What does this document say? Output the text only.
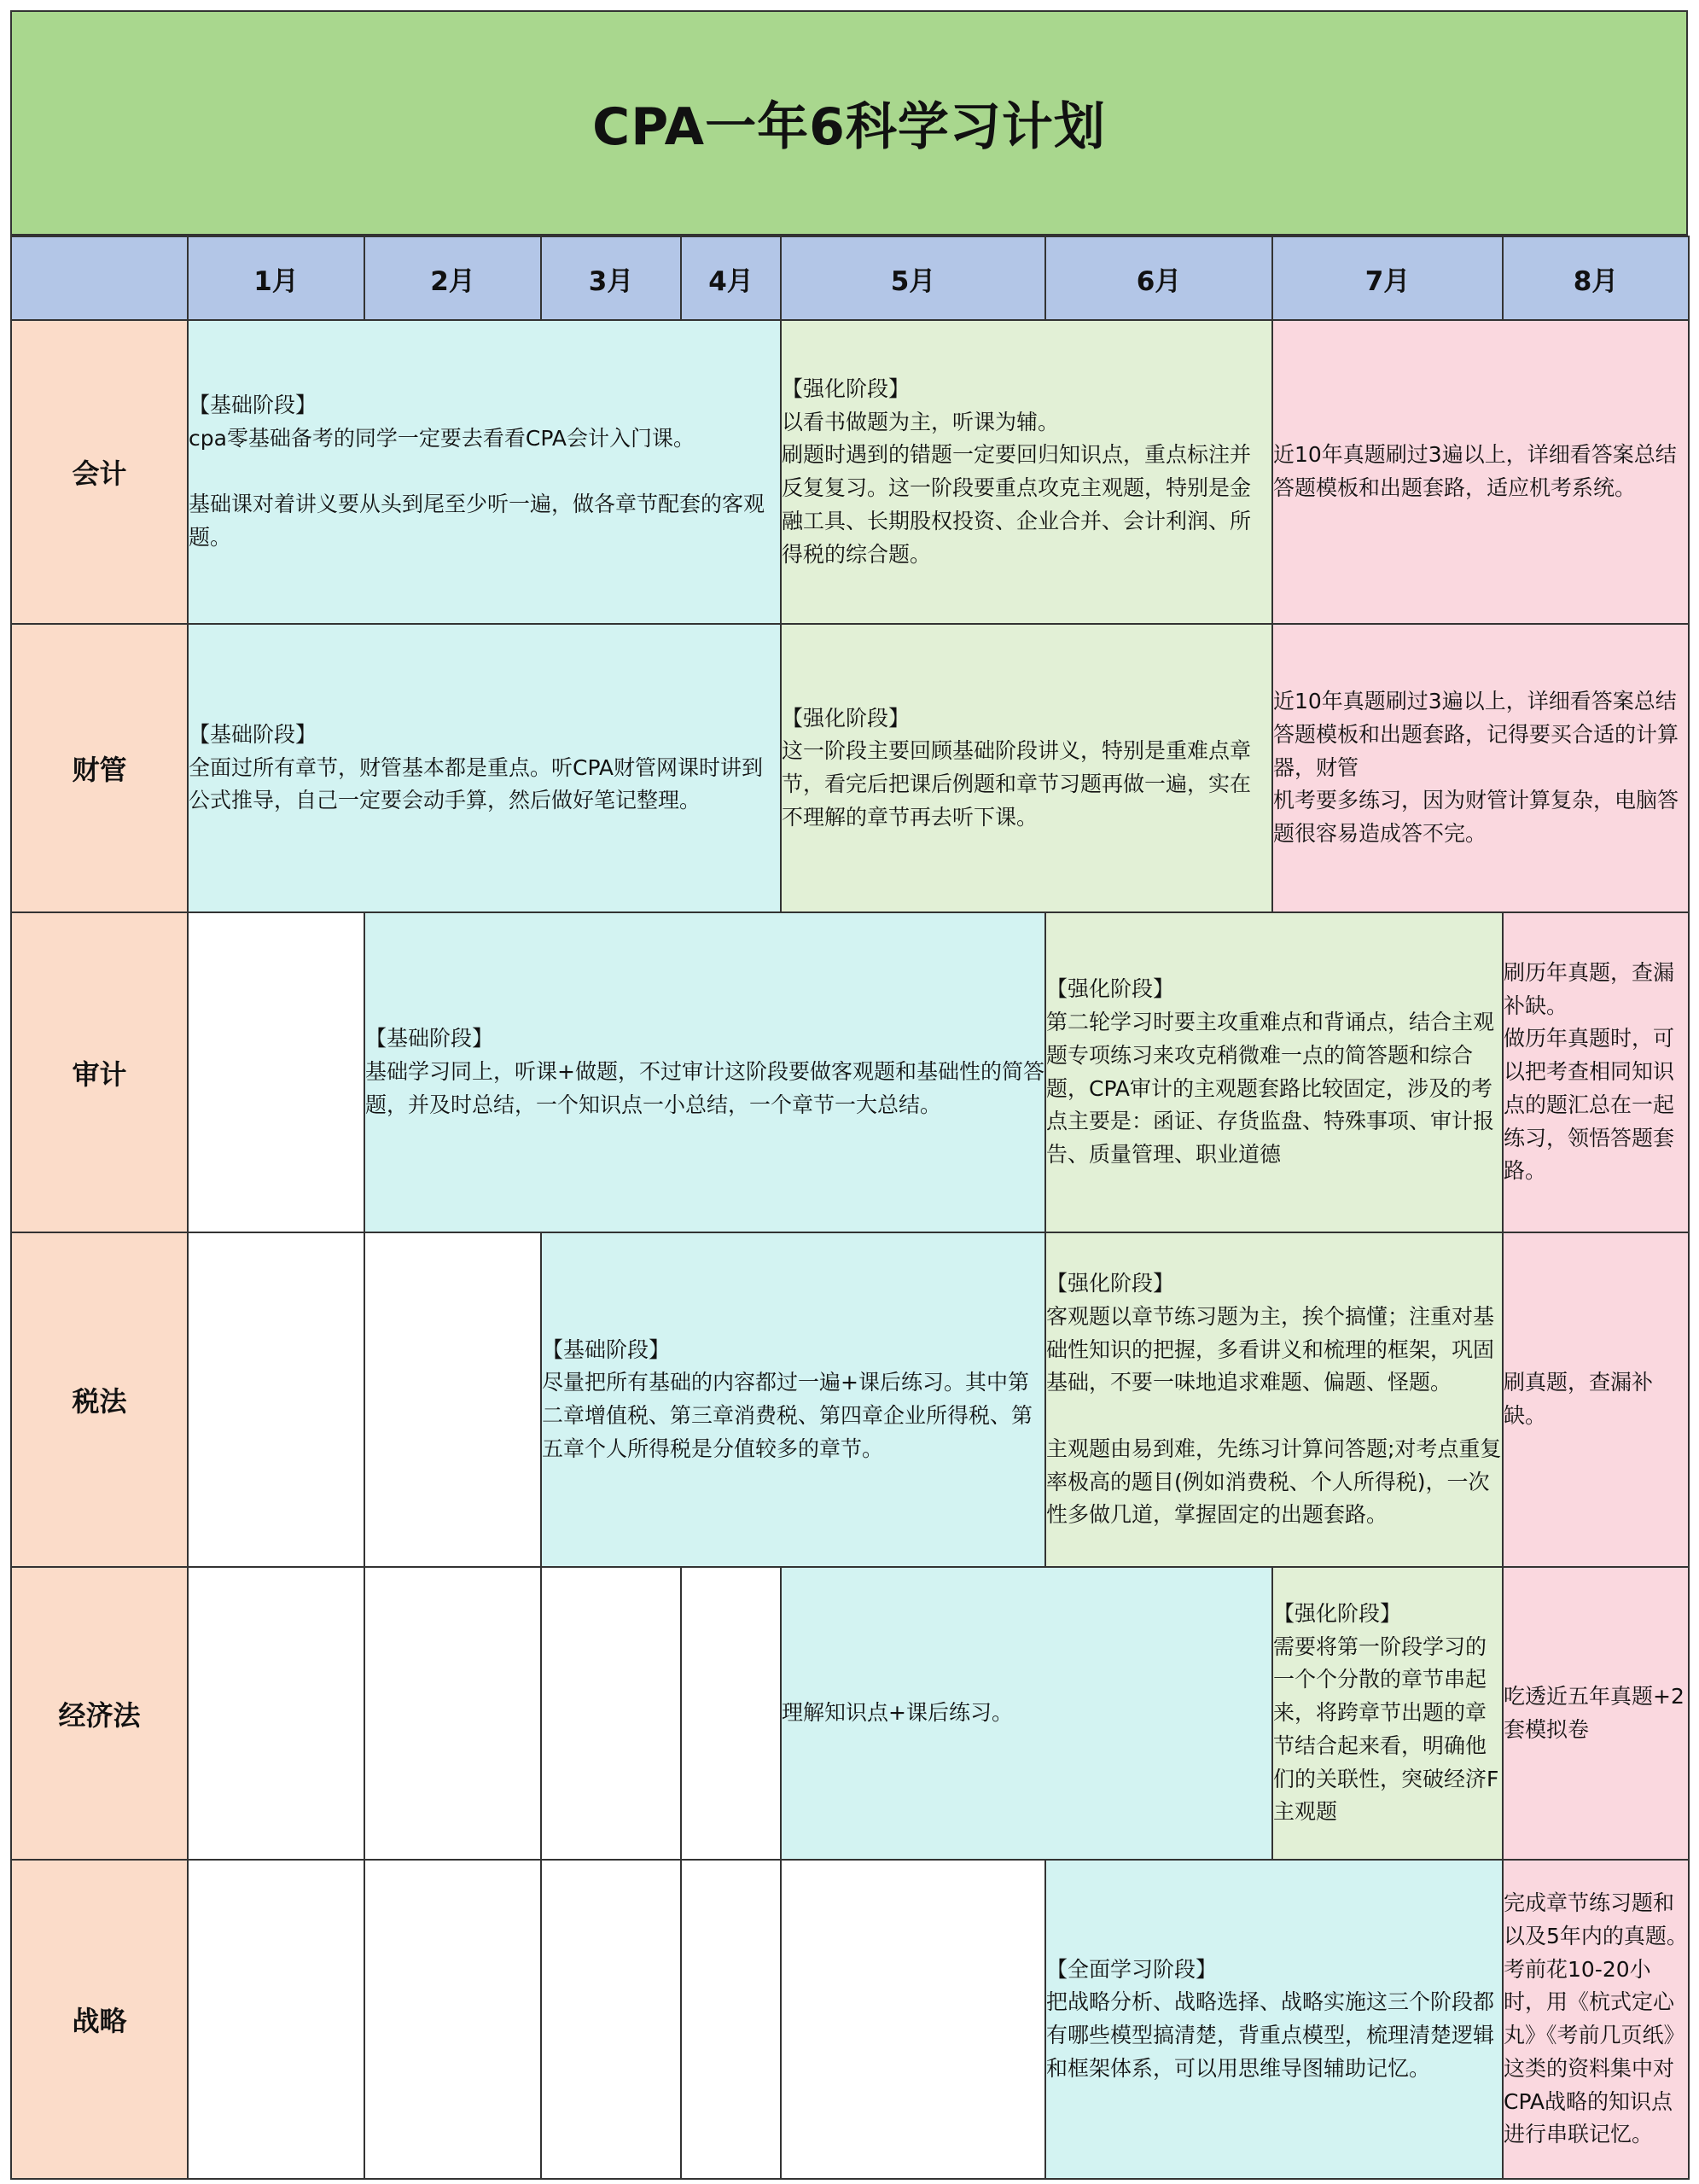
CPA一年6科学习计划
	1月	2月	3月	4月	5月	6月	7月	8月
会计	【基础阶段】

cpa零基础备考的同学一定要去看看CPA会计入门课。

基础课对着讲义要从头到尾至少听一遍，做各章节配套的客观题。				【强化阶段】

以看书做题为主，听课为辅。
刷题时遇到的错题一定要回归知识点，重点标注并反复复习。这一阶段要重点攻克主观题，特别是金融工具、长期股权投资、企业合并、会计利润、所得税的综合题。		近10年真题刷过3遍以上，详细看答案总结答题模板和出题套路，适应机考系统。	

财管	【基础阶段】

全面过所有章节，财管基本都是重点。听CPA财管网课时讲到公式推导，自己一定要会动手算，然后做好笔记整理。				【强化阶段】

这一阶段主要回顾基础阶段讲义，特别是重难点章节，看完后把课后例题和章节习题再做一遍，实在不理解的章节再去听下课。		近10年真题刷过3遍以上，详细看答案总结答题模板和出题套路，记得要买合适的计算器，财管
机考要多练习，因为财管计算复杂，电脑答题很容易造成答不完。	

审计		【基础阶段】

基础学习同上，听课+做题，不过审计这阶段要做客观题和基础性的简答题，并及时总结，一个知识点一小总结，一个章节一大总结。				【强化阶段】

第二轮学习时要主攻重难点和背诵点，结合主观题专项练习来攻克稍微难一点的简答题和综合题，CPA审计的主观题套路比较固定，涉及的考点主要是：函证、存货监盘、特殊事项、审计报告、质量管理、职业道德		刷历年真题，查漏补缺。
做历年真题时，可以把考查相同知识点的题汇总在一起练习，领悟答题套路。

税法			【基础阶段】

尽量把所有基础的内容都过一遍+课后练习。其中第二章增值税、第三章消费税、第四章企业所得税、第五章个人所得税是分值较多的章节。			【强化阶段】

客观题以章节练习题为主，挨个搞懂；注重对基础性知识的把握，多看讲义和梳理的框架，巩固基础，不要一味地追求难题、偏题、怪题。

主观题由易到难，先练习计算问答题;对考点重复率极高的题目(例如消费税、个人所得税)，一次性多做几道，掌握固定的出题套路。		刷真题，查漏补缺。

经济法					理解知识点+课后练习。		【强化阶段】

需要将第一阶段学习的一个个分散的章节串起来，将跨章节出题的章节结合起来看，明确他们的关联性，突破经济F主观题	吃透近五年真题+2套模拟卷

战略						【全面学习阶段】

把战略分析、战略选择、战略实施这三个阶段都有哪些模型搞清楚，背重点模型，梳理清楚逻辑和框架体系，可以用思维导图辅助记忆。		完成章节练习题和以及5年内的真题。考前花10-20小时，用《杭式定心丸》《考前几页纸》这类的资料集中对CPA战略的知识点进行串联记忆。
